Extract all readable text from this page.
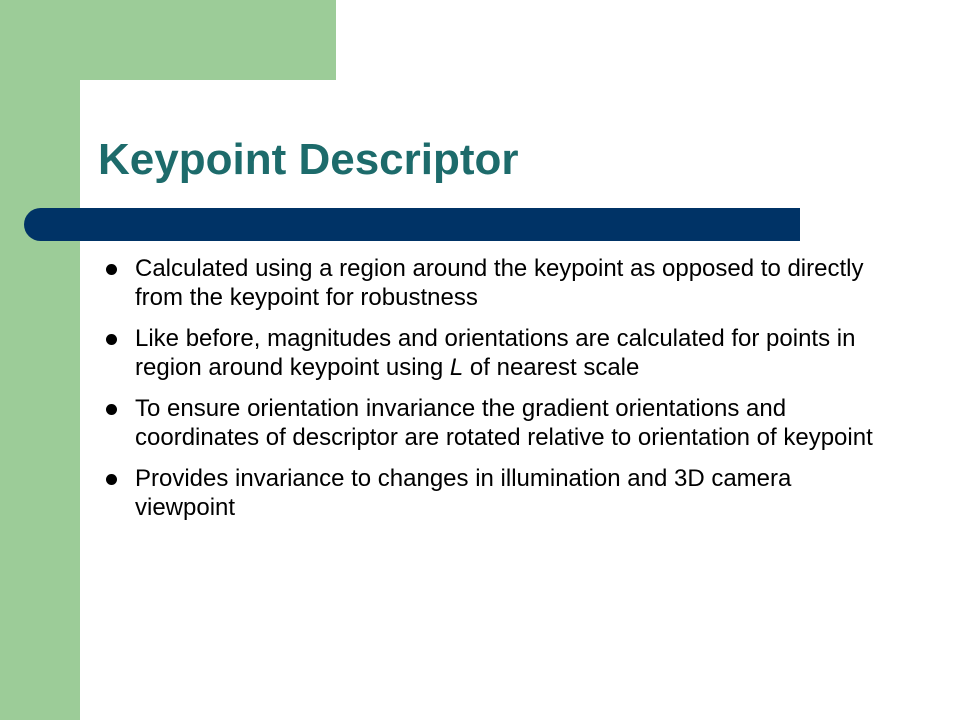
Keypoint Descriptor
Calculated using a region around the keypoint as opposed to directly from the keypoint for robustness
Like before, magnitudes and orientations are calculated for points in region around keypoint using L of nearest scale
To ensure orientation invariance the gradient orientations and coordinates of descriptor are rotated relative to orientation of keypoint
Provides invariance to changes in illumination and 3D camera viewpoint
